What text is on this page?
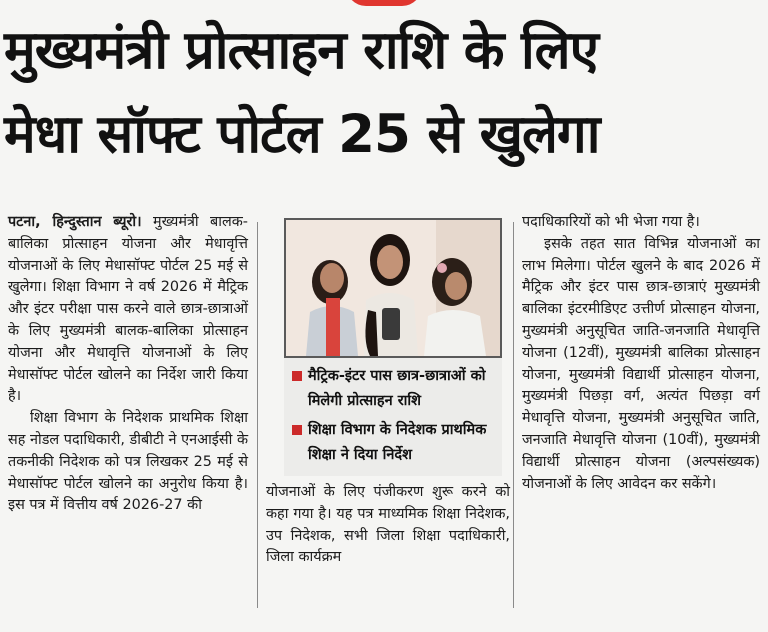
मुख्यमंत्री प्रोत्साहन राशि के लिए
मेधा सॉफ्ट पोर्टल 25 से खुलेगा

पटना, हिन्दुस्तान ब्यूरो। मुख्यमंत्री बालक-बालिका प्रोत्साहन योजना और मेधावृत्ति योजनाओं के लिए मेधासॉफ्ट पोर्टल 25 मई से खुलेगा। शिक्षा विभाग ने वर्ष 2026 में मैट्रिक और इंटर परीक्षा पास करने वाले छात्र-छात्राओं के लिए मुख्यमंत्री बालक-बालिका प्रोत्साहन योजना और मेधावृत्ति योजनाओं के लिए मेधासॉफ्ट पोर्टल खोलने का निर्देश जारी किया है।

शिक्षा विभाग के निदेशक प्राथमिक शिक्षा सह नोडल पदाधिकारी, डीबीटी ने एनआईसी के तकनीकी निदेशक को पत्र लिखकर 25 मई से मेधासॉफ्ट पोर्टल खोलने का अनुरोध किया है। इस पत्र में वित्तीय वर्ष 2026-27 की

मैट्रिक-इंटर पास छात्र-छात्राओं को मिलेगी प्रोत्साहन राशि
शिक्षा विभाग के निदेशक प्राथमिक शिक्षा ने दिया निर्देश

योजनाओं के लिए पंजीकरण शुरू करने को कहा गया है। यह पत्र माध्यमिक शिक्षा निदेशक, उप निदेशक, सभी जिला शिक्षा पदाधिकारी, जिला कार्यक्रम

पदाधिकारियों को भी भेजा गया है।

इसके तहत सात विभिन्न योजनाओं का लाभ मिलेगा। पोर्टल खुलने के बाद 2026 में मैट्रिक और इंटर पास छात्र-छात्राएं मुख्यमंत्री बालिका इंटरमीडिएट उत्तीर्ण प्रोत्साहन योजना, मुख्यमंत्री अनुसूचित जाति-जनजाति मेधावृत्ति योजना (12वीं), मुख्यमंत्री बालिका प्रोत्साहन योजना, मुख्यमंत्री विद्यार्थी प्रोत्साहन योजना, मुख्यमंत्री पिछड़ा वर्ग, अत्यंत पिछड़ा वर्ग मेधावृत्ति योजना, मुख्यमंत्री अनुसूचित जाति, जनजाति मेधावृत्ति योजना (10वीं), मुख्यमंत्री विद्यार्थी प्रोत्साहन योजना (अल्पसंख्यक) योजनाओं के लिए आवेदन कर सकेंगे।
